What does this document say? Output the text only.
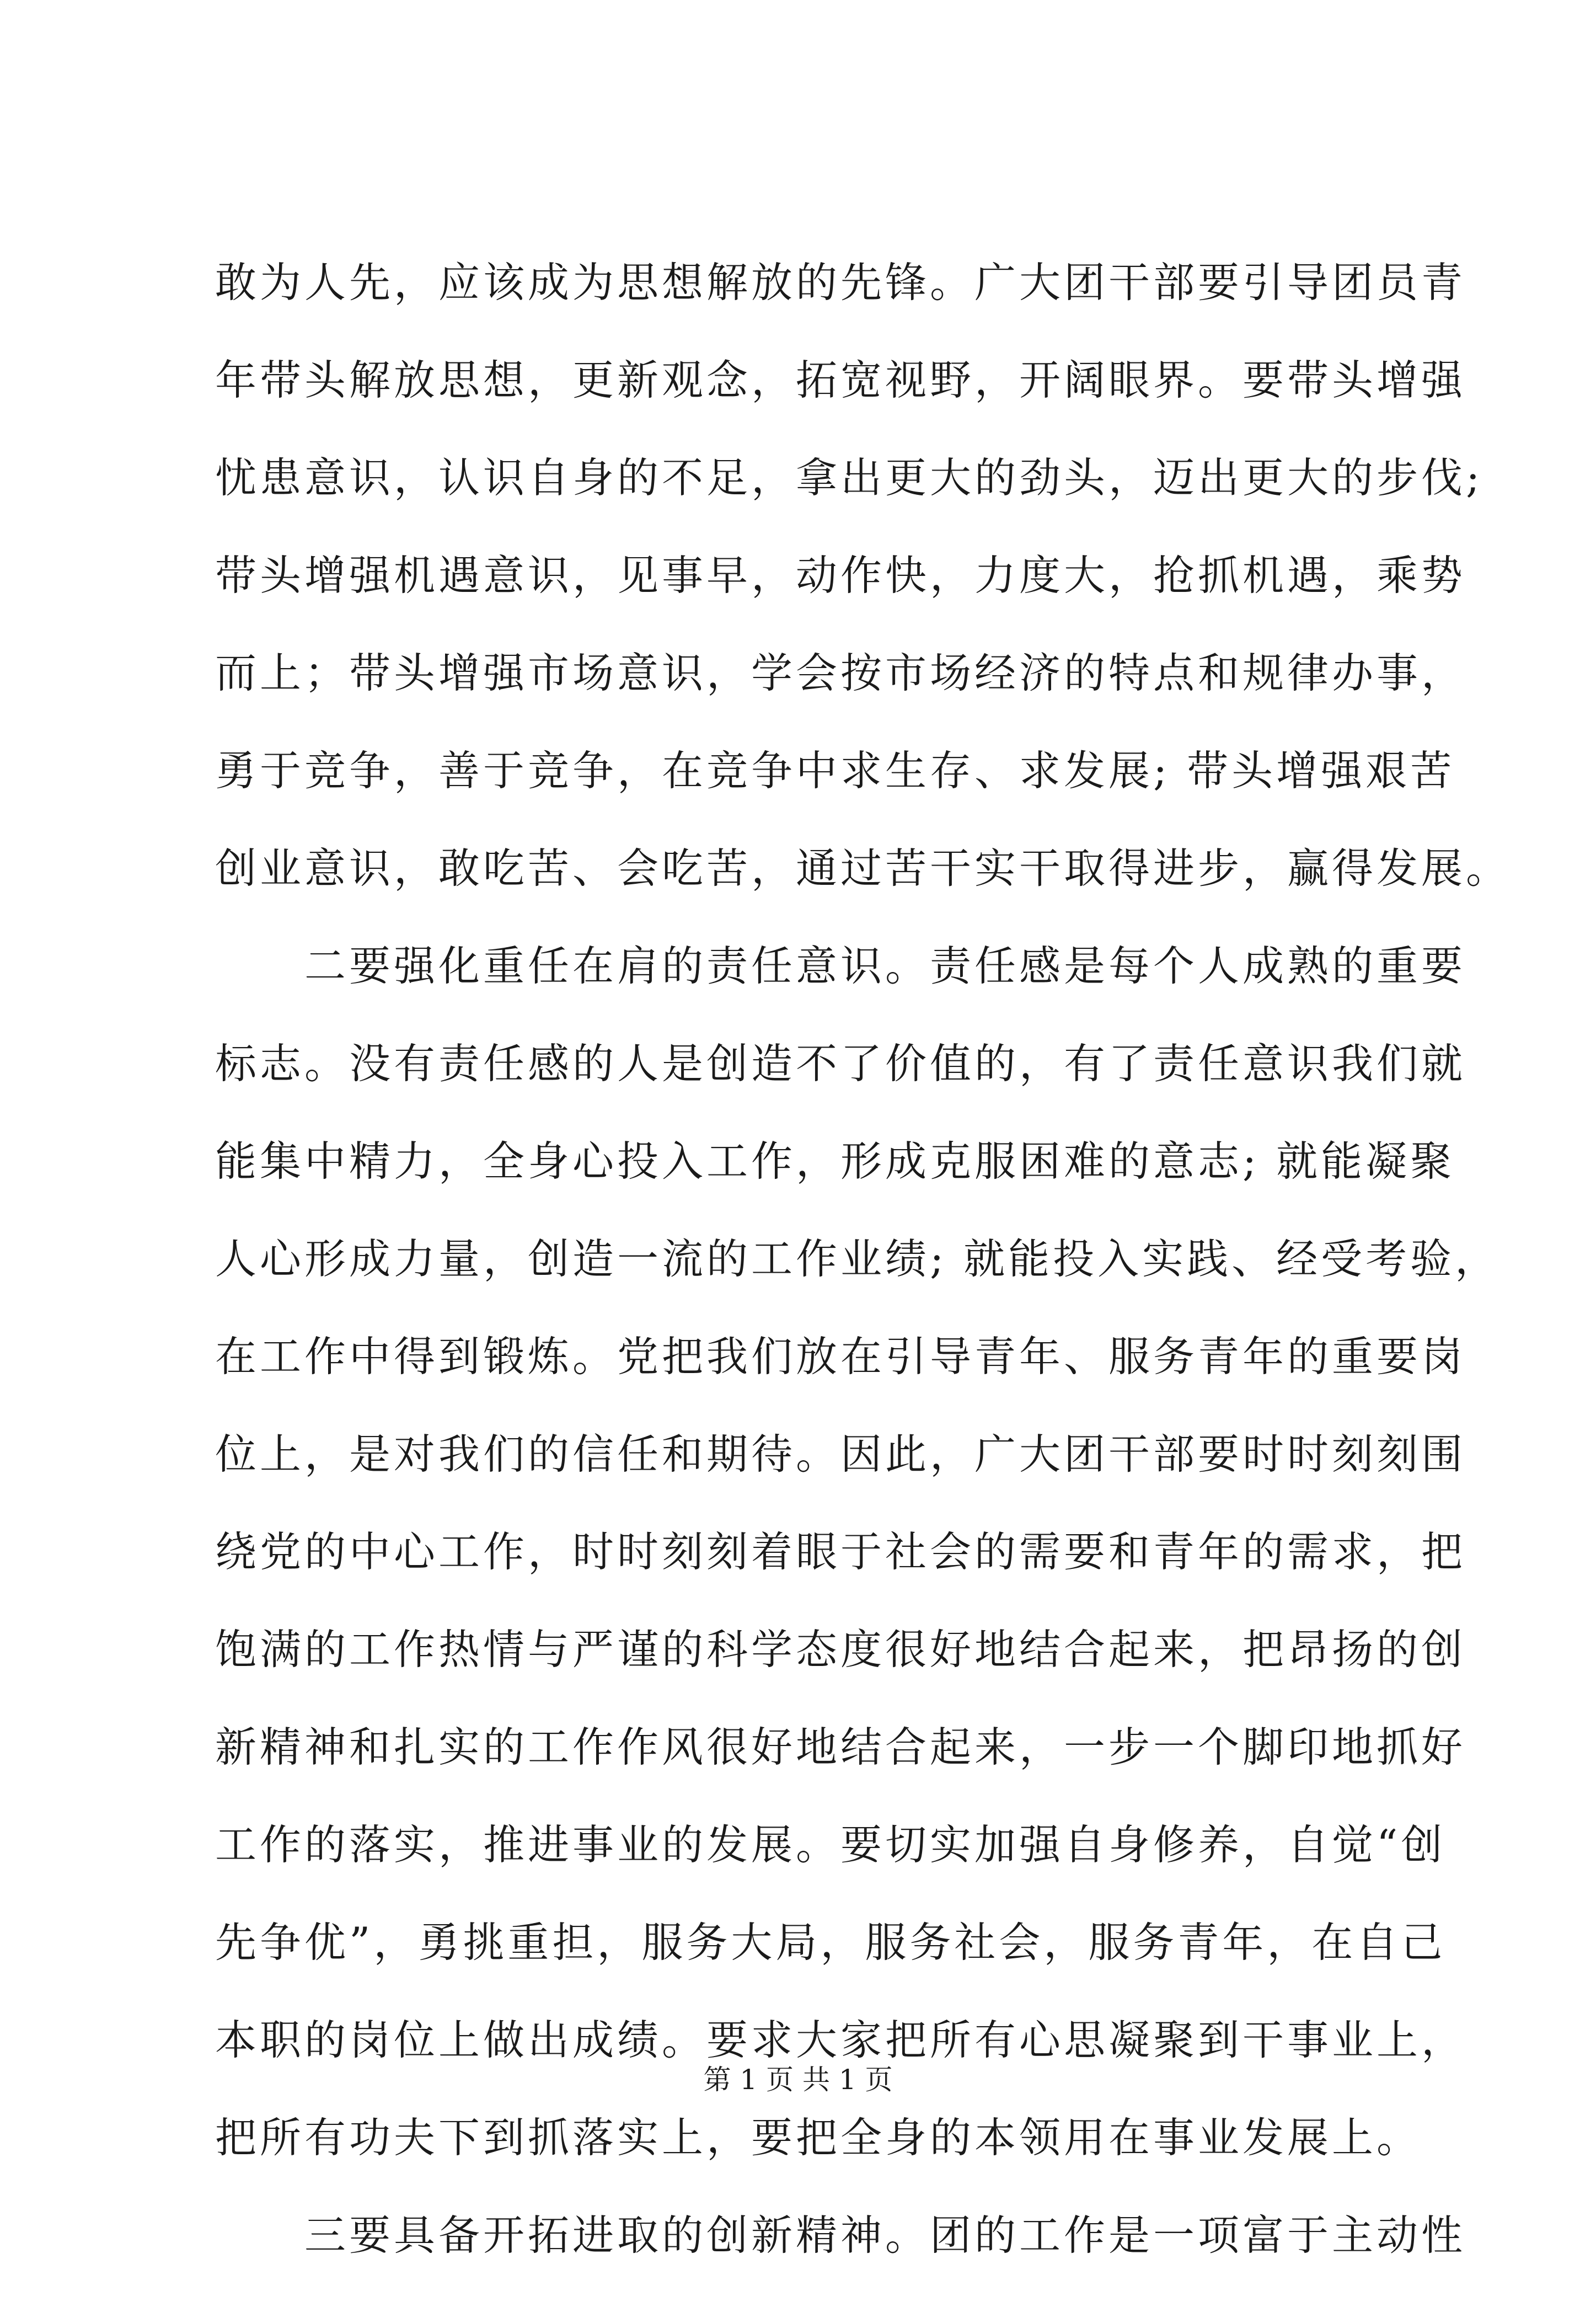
敢为人先，应该成为思想解放的先锋。广大团干部要引导团员青
年带头解放思想，更新观念，拓宽视野，开阔眼界。要带头增强
忧患意识，认识自身的不足，拿出更大的劲头，迈出更大的步伐;
带头增强机遇意识，见事早，动作快，力度大，抢抓机遇，乘势
而上；带头增强市场意识，学会按市场经济的特点和规律办事，
勇于竞争，善于竞争，在竞争中求生存、求发展; 带头增强艰苦
创业意识，敢吃苦、会吃苦，通过苦干实干取得进步，赢得发展。
　　二要强化重任在肩的责任意识。责任感是每个人成熟的重要
标志。没有责任感的人是创造不了价值的，有了责任意识我们就
能集中精力，全身心投入工作，形成克服困难的意志; 就能凝聚
人心形成力量，创造一流的工作业绩; 就能投入实践、经受考验，
在工作中得到锻炼。党把我们放在引导青年、服务青年的重要岗
位上，是对我们的信任和期待。因此，广大团干部要时时刻刻围
绕党的中心工作，时时刻刻着眼于社会的需要和青年的需求，把
饱满的工作热情与严谨的科学态度很好地结合起来，把昂扬的创
新精神和扎实的工作作风很好地结合起来，一步一个脚印地抓好
工作的落实，推进事业的发展。要切实加强自身修养，自觉“创
先争优”，勇挑重担，服务大局，服务社会，服务青年，在自己
本职的岗位上做出成绩。要求大家把所有心思凝聚到干事业上，
把所有功夫下到抓落实上，要把全身的本领用在事业发展上。
　　三要具备开拓进取的创新精神。团的工作是一项富于主动性
第 1 页 共 1 页
